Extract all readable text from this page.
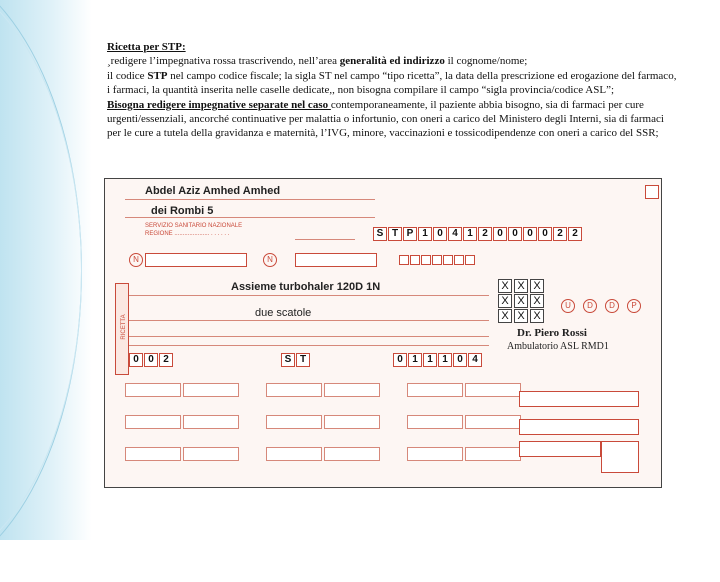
Ricetta per STP:

¸redigere l’impegnativa rossa trascrivendo, nell’area generalità ed indirizzo il cognome/nome;

il codice STP nel campo codice fiscale; la sigla ST nel campo “tipo ricetta”, la data della prescrizione ed erogazione del farmaco, i farmaci, la quantità inserita nelle caselle dedicate,, non bisogna compilare il campo “sigla provincia/codice ASL”;

Bisogna redigere impegnative separate nel caso contemporaneamente, il paziente abbia bisogno, sia di farmaci per cure urgenti/essenziali, ancorché continuative per malattia o infortunio, con oneri a carico del Ministero degli Interni, sia di farmaci per le cure a tutela della gravidanza e maternità, l’IVG, minore, vaccinazioni e tossicodipendenze con oneri a carico del SSR;

Abdel Aziz Amhed Amhed
dei Rombi 5
SERVIZIO SANITARIO NAZIONALE
REGIONE ..................... . . . . . .
N	N
S T P 1 0 4 1 2 0 0 0 0 2 2
X X X
X X X
X X X
U	D	D	P
RICETTA
Assieme turbohaler 120D 1N
due scatole
Dr. Piero Rossi
Ambulatorio ASL RMD1
0 0 2	S T	0 1 1 1 0 4
